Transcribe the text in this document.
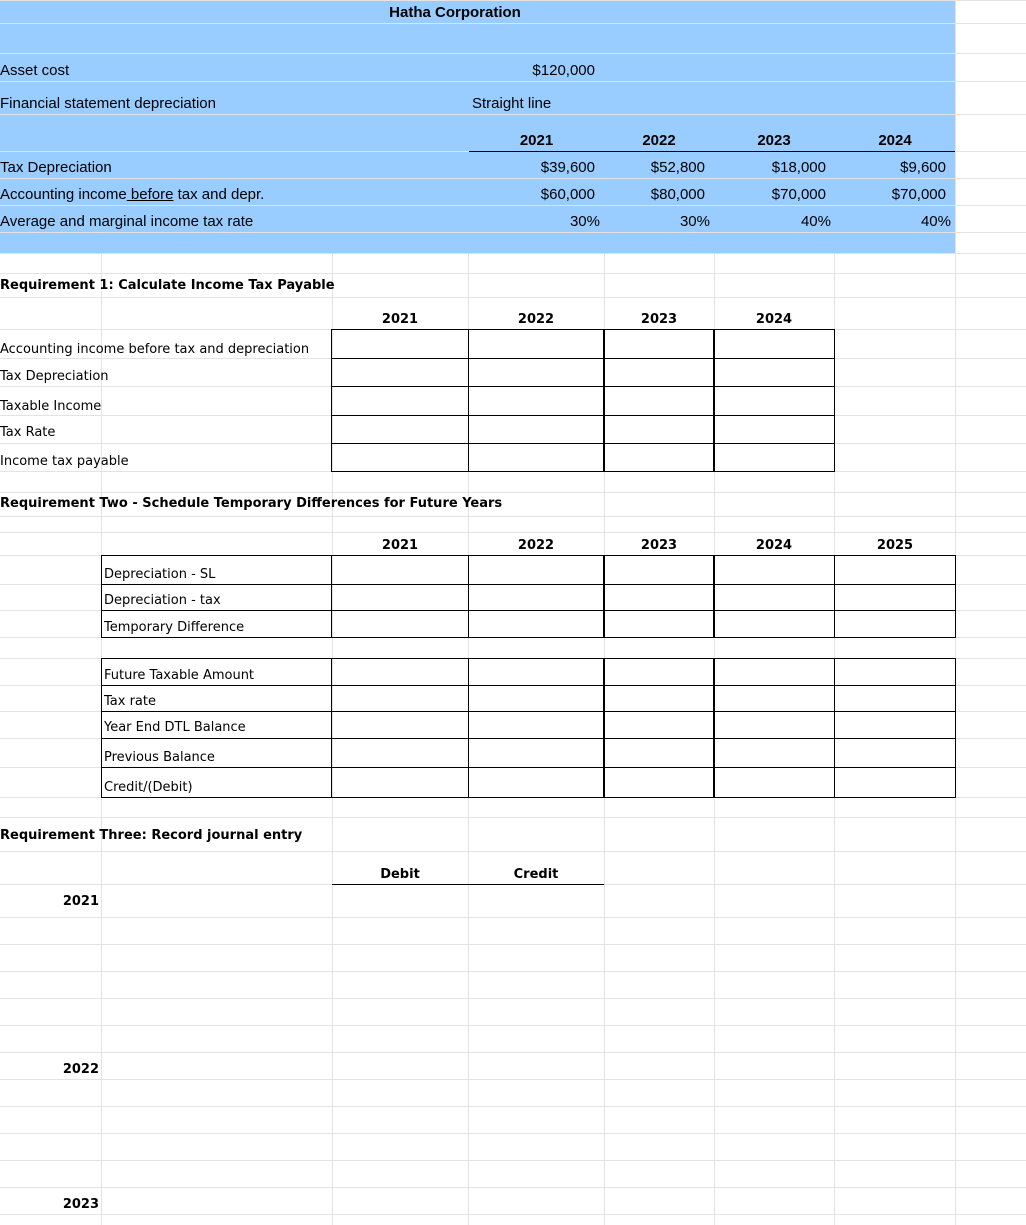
Hatha Corporation
Asset cost	$120,000
Financial statement depreciation	Straight line
2021	2022	2023	2024
Tax Depreciation	$39,600	$52,800	$18,000	$9,600
Accounting income before tax and depr.	$60,000	$80,000	$70,000	$70,000
Average and marginal income tax rate	30%	30%	40%	40%
Requirement 1: Calculate Income Tax Payable
2021	2022	2023	2024
Accounting income before tax and depreciation
Tax Depreciation
Taxable Income
Tax Rate
Income tax payable
Requirement Two - Schedule Temporary Differences for Future Years
2021	2022	2023	2024	2025
Depreciation - SL
Depreciation - tax
Temporary Difference
Future Taxable Amount
Tax rate
Year End DTL Balance
Previous Balance
Credit/(Debit)
Requirement Three: Record journal entry
Debit	Credit
2021
2022
2023
